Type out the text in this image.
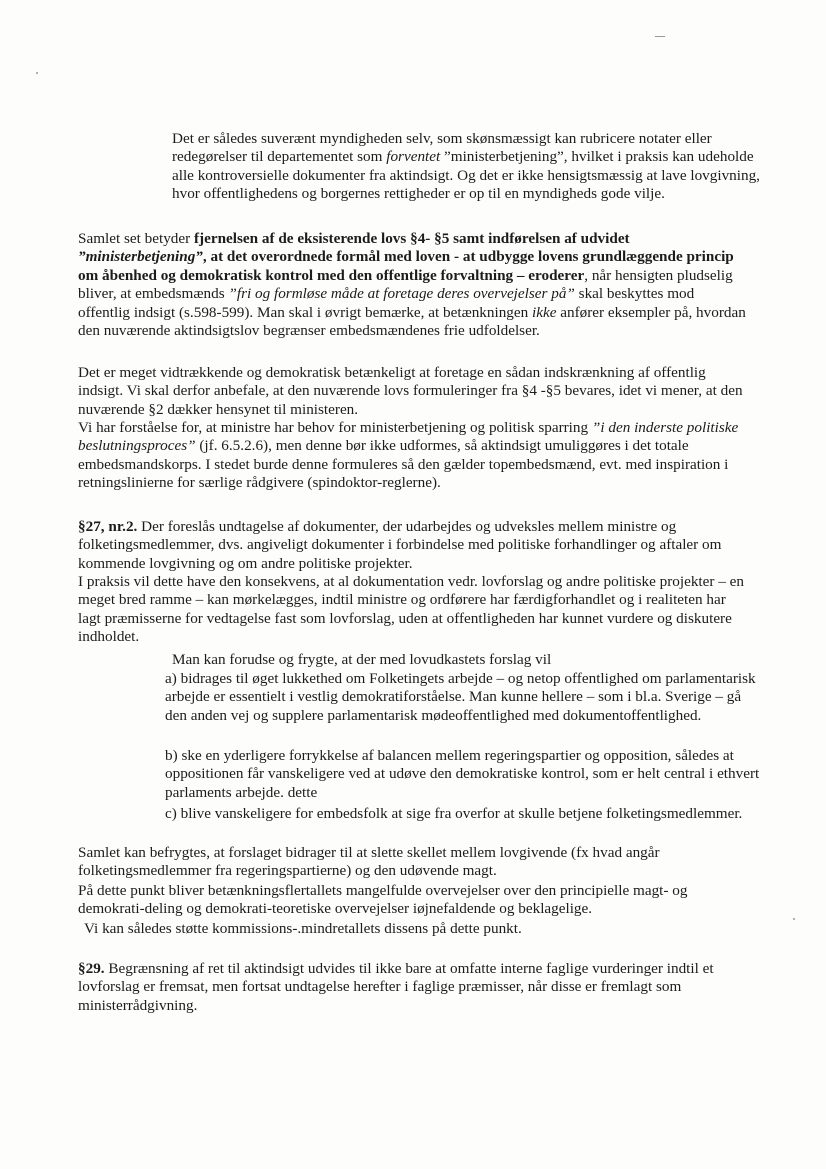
Det er således suverænt myndigheden selv, som skønsmæssigt kan rubricere notater eller redegørelser til departementet som forventet ”ministerbetjening”, hvilket i praksis kan udeholde alle kontroversielle dokumenter fra aktindsigt. Og det er ikke hensigtsmæssig at lave lovgivning, hvor offentlighedens og borgernes rettigheder er op til en myndigheds gode vilje.

Samlet set betyder fjernelsen af de eksisterende lovs §4- §5 samt indførelsen af udvidet ”ministerbetjening”, at det overordnede formål med loven - at udbygge lovens grundlæggende princip om åbenhed og demokratisk kontrol med den offentlige forvaltning – eroderer, når hensigten pludselig bliver, at embedsmænds ”fri og formløse måde at foretage deres overvejelser på” skal beskyttes mod offentlig indsigt (s.598-599). Man skal i øvrigt bemærke, at betænkningen ikke anfører eksempler på, hvordan den nuværende aktindsigtslov begrænser embedsmændenes frie udfoldelser.

Det er meget vidtrækkende og demokratisk betænkeligt at foretage en sådan indskrænkning af offentlig indsigt. Vi skal derfor anbefale, at den nuværende lovs formuleringer fra §4 -§5 bevares, idet vi mener, at den nuværende §2 dækker hensynet til ministeren.

Vi har forståelse for, at ministre har behov for ministerbetjening og politisk sparring ”i den inderste politiske beslutningsproces” (jf. 6.5.2.6), men denne bør ikke udformes, så aktindsigt umuliggøres i det totale embedsmandskorps. I stedet burde denne formuleres så den gælder topembedsmænd, evt. med inspiration i retningslinierne for særlige rådgivere (spindoktor-reglerne).

§27, nr.2. Der foreslås undtagelse af dokumenter, der udarbejdes og udveksles mellem ministre og folketingsmedlemmer, dvs. angiveligt dokumenter i forbindelse med politiske forhandlinger og aftaler om kommende lovgivning og om andre politiske projekter.

I praksis vil dette have den konsekvens, at al dokumentation vedr. lovforslag og andre politiske projekter – en meget bred ramme – kan mørkelægges, indtil ministre og ordførere har færdigforhandlet og i realiteten har lagt præmisserne for vedtagelse fast som lovforslag, uden at offentligheden har kunnet vurdere og diskutere indholdet.

Man kan forudse og frygte, at der med lovudkastets forslag vil

a) bidrages til øget lukkethed om Folketingets arbejde – og netop offentlighed om parlamentarisk arbejde er essentielt i vestlig demokratiforståelse. Man kunne hellere – som i bl.a. Sverige – gå den anden vej og supplere parlamentarisk mødeoffentlighed med dokumentoffentlighed.

b) ske en yderligere forrykkelse af balancen mellem regeringspartier og opposition, således at oppositionen får vanskeligere ved at udøve den demokratiske kontrol, som er helt central i ethvert parlaments arbejde. dette

c) blive vanskeligere for embedsfolk at sige fra overfor at skulle betjene folketingsmedlemmer.

Samlet kan befrygtes, at forslaget bidrager til at slette skellet mellem lovgivende (fx hvad angår folketingsmedlemmer fra regeringspartierne) og den udøvende magt.

På dette punkt bliver betænkningsflertallets mangelfulde overvejelser over den principielle magt- og demokrati-deling og demokrati-teoretiske overvejelser iøjnefaldende og beklagelige.

Vi kan således støtte kommissions-.mindretallets dissens på dette punkt.

§29. Begrænsning af ret til aktindsigt udvides til ikke bare at omfatte interne faglige vurderinger indtil et lovforslag er fremsat, men fortsat undtagelse herefter i faglige præmisser, når disse er fremlagt som ministerrådgivning.
